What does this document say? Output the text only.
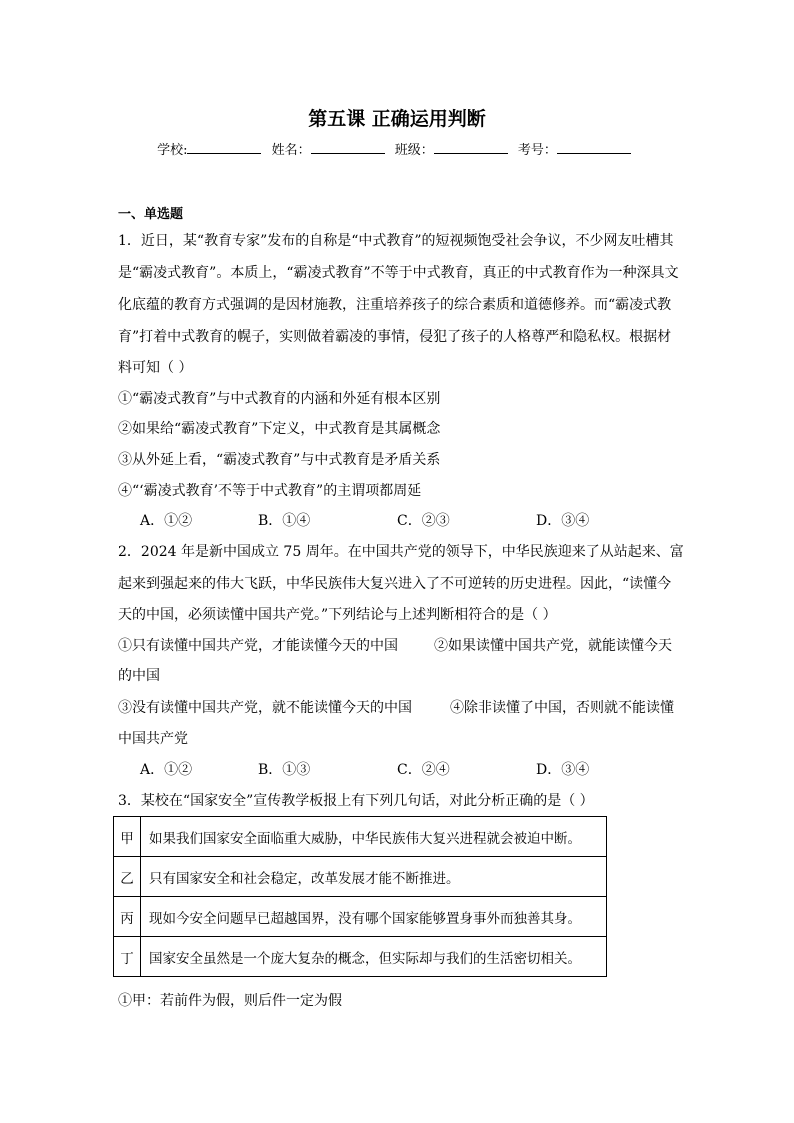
第五课 正确运用判断
学校:	姓名：	班级：	考号：
一、单选题
1．近日，某“教育专家”发布的自称是“中式教育”的短视频饱受社会争议，不少网友吐槽其
是“霸凌式教育”。本质上，“霸凌式教育”不等于中式教育，真正的中式教育作为一种深具文
化底蕴的教育方式强调的是因材施教，注重培养孩子的综合素质和道德修养。而“霸凌式教
育”打着中式教育的幌子，实则做着霸凌的事情，侵犯了孩子的人格尊严和隐私权。根据材
料可知（ ）
①“霸凌式教育”与中式教育的内涵和外延有根本区别
②如果给“霸凌式教育”下定义，中式教育是其属概念
③从外延上看，“霸凌式教育”与中式教育是矛盾关系
④“‘霸凌式教育’不等于中式教育”的主谓项都周延
A．①②	B．①④	C．②③	D．③④
2．2024 年是新中国成立 75 周年。在中国共产党的领导下，中华民族迎来了从站起来、富
起来到强起来的伟大飞跃，中华民族伟大复兴进入了不可逆转的历史进程。因此，“读懂今
天的中国，必须读懂中国共产党。”下列结论与上述判断相符合的是（ ）
①只有读懂中国共产党，才能读懂今天的中国	②如果读懂中国共产党，就能读懂今天
的中国
③没有读懂中国共产党，就不能读懂今天的中国	④除非读懂了中国，否则就不能读懂
中国共产党
A．①②	B．①③	C．②④	D．③④
3．某校在“国家安全”宣传教学板报上有下列几句话，对此分析正确的是（ ）
甲	如果我们国家安全面临重大威胁，中华民族伟大复兴进程就会被迫中断。
乙	只有国家安全和社会稳定，改革发展才能不断推进。
丙	现如今安全问题早已超越国界，没有哪个国家能够置身事外而独善其身。
丁	国家安全虽然是一个庞大复杂的概念，但实际却与我们的生活密切相关。
①甲：若前件为假，则后件一定为假
